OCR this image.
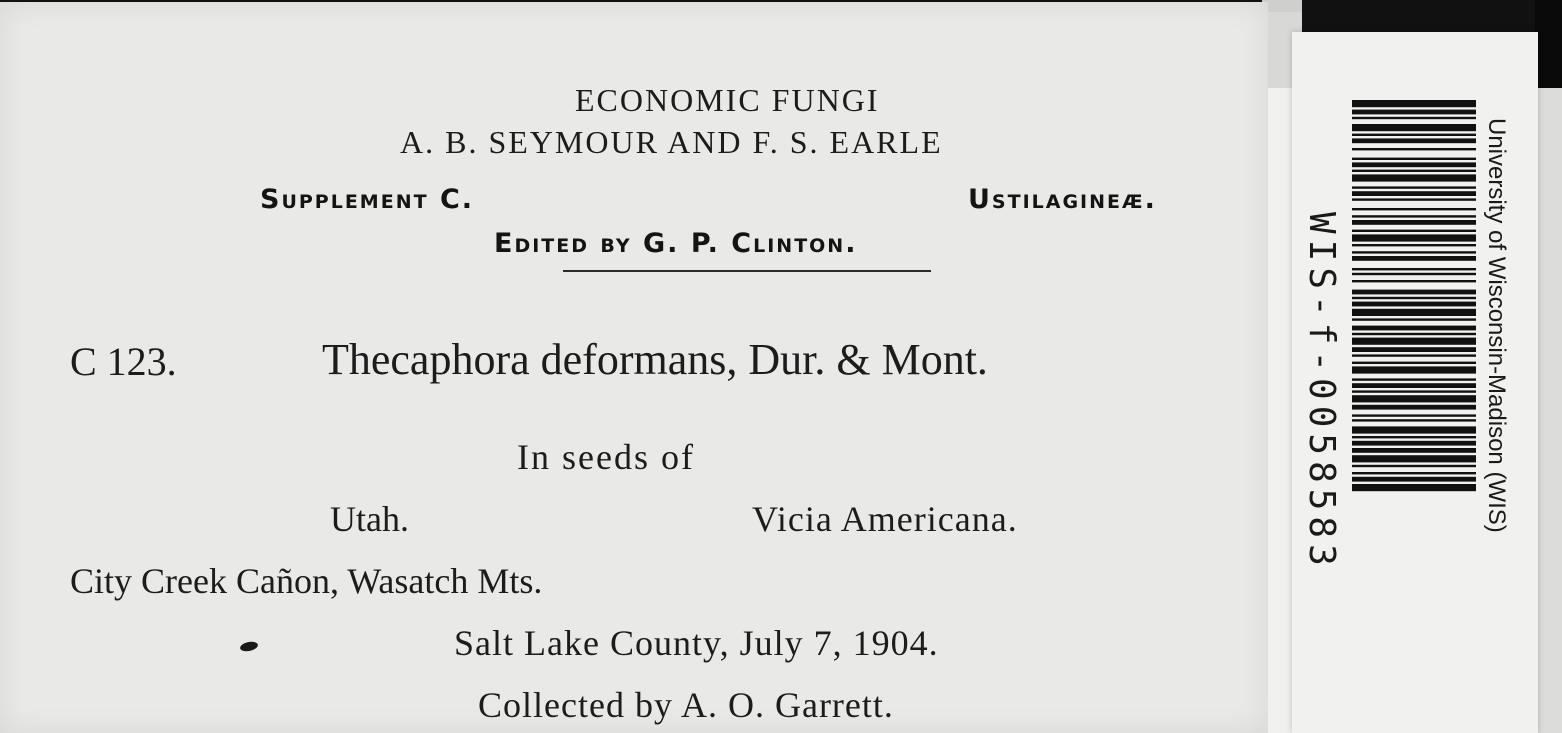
ECONOMIC FUNGI
A. B. SEYMOUR AND F. S. EARLE
Supplement C.	Ustilagineæ.
Edited by G. P. Clinton.
C 123.	Thecaphora deformans, Dur. & Mont.
In seeds of
Utah.	Vicia Americana.
City Creek Cañon, Wasatch Mts.
Salt Lake County, July 7, 1904.
Collected by A. O. Garrett.
WIS-f-0058583	University of Wisconsin-Madison (WIS)
